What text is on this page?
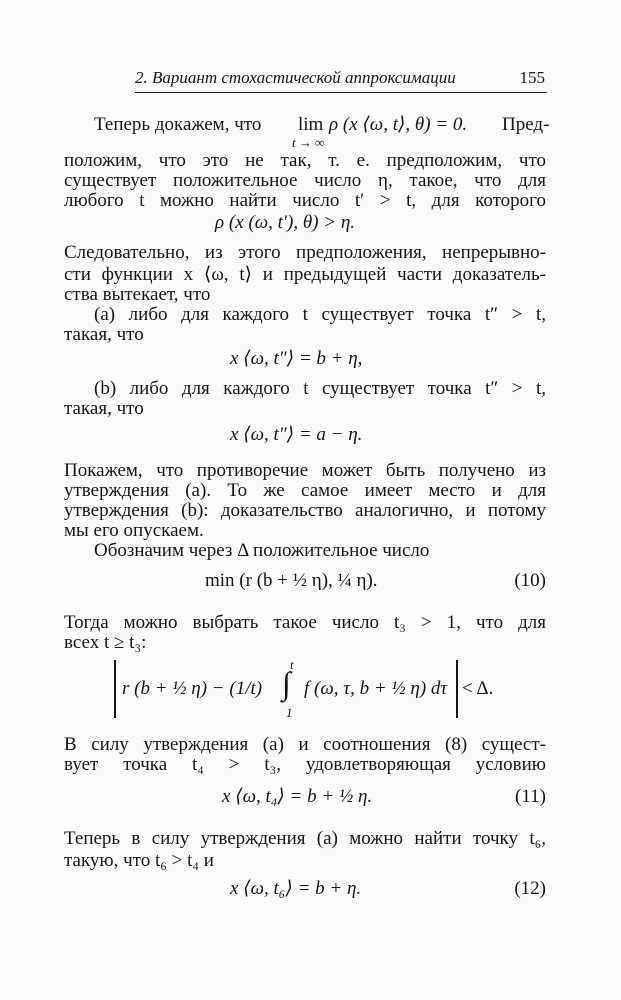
2. Вариант стохастической аппроксимации	155
Теперь докажем, что lim ρ (x ⟨ω, t⟩, θ) = 0. Пред-
t → ∞
положим, что это не так, т. е. предположим, что
существует положительное число η, такое, что для
любого t можно найти число t′ > t, для которого
ρ (x (ω, t′), θ) > η.
Следовательно, из этого предположения, непрерывно-
сти функции x ⟨ω, t⟩ и предыдущей части доказатель-
ства вытекает, что
(a) либо для каждого t существует точка t″ > t,
такая, что
x ⟨ω, t″⟩ = b + η,
(b) либо для каждого t существует точка t″ > t,
такая, что
x ⟨ω, t″⟩ = a − η.
Покажем, что противоречие может быть получено из
утверждения (a). То же самое имеет место и для
утверждения (b): доказательство аналогично, и потому
мы его опускаем.
Обозначим через Δ положительное число
min (r (b + ½ η), ¼ η).	(10)
Тогда можно выбрать такое число t₃ > 1, что для
всех t ≥ t₃:
r (b + ½ η) − (1/t) ∫
t
1
f (ω, τ, b + ½ η) dτ < Δ.
В силу утверждения (a) и соотношения (8) сущест-
вует точка t₄ > t₃, удовлетворяющая условию
x ⟨ω, t₄⟩ = b + ½ η.	(11)
Теперь в силу утверждения (a) можно найти точку t₆,
такую, что t₆ > t₄ и
x ⟨ω, t₆⟩ = b + η.	(12)
